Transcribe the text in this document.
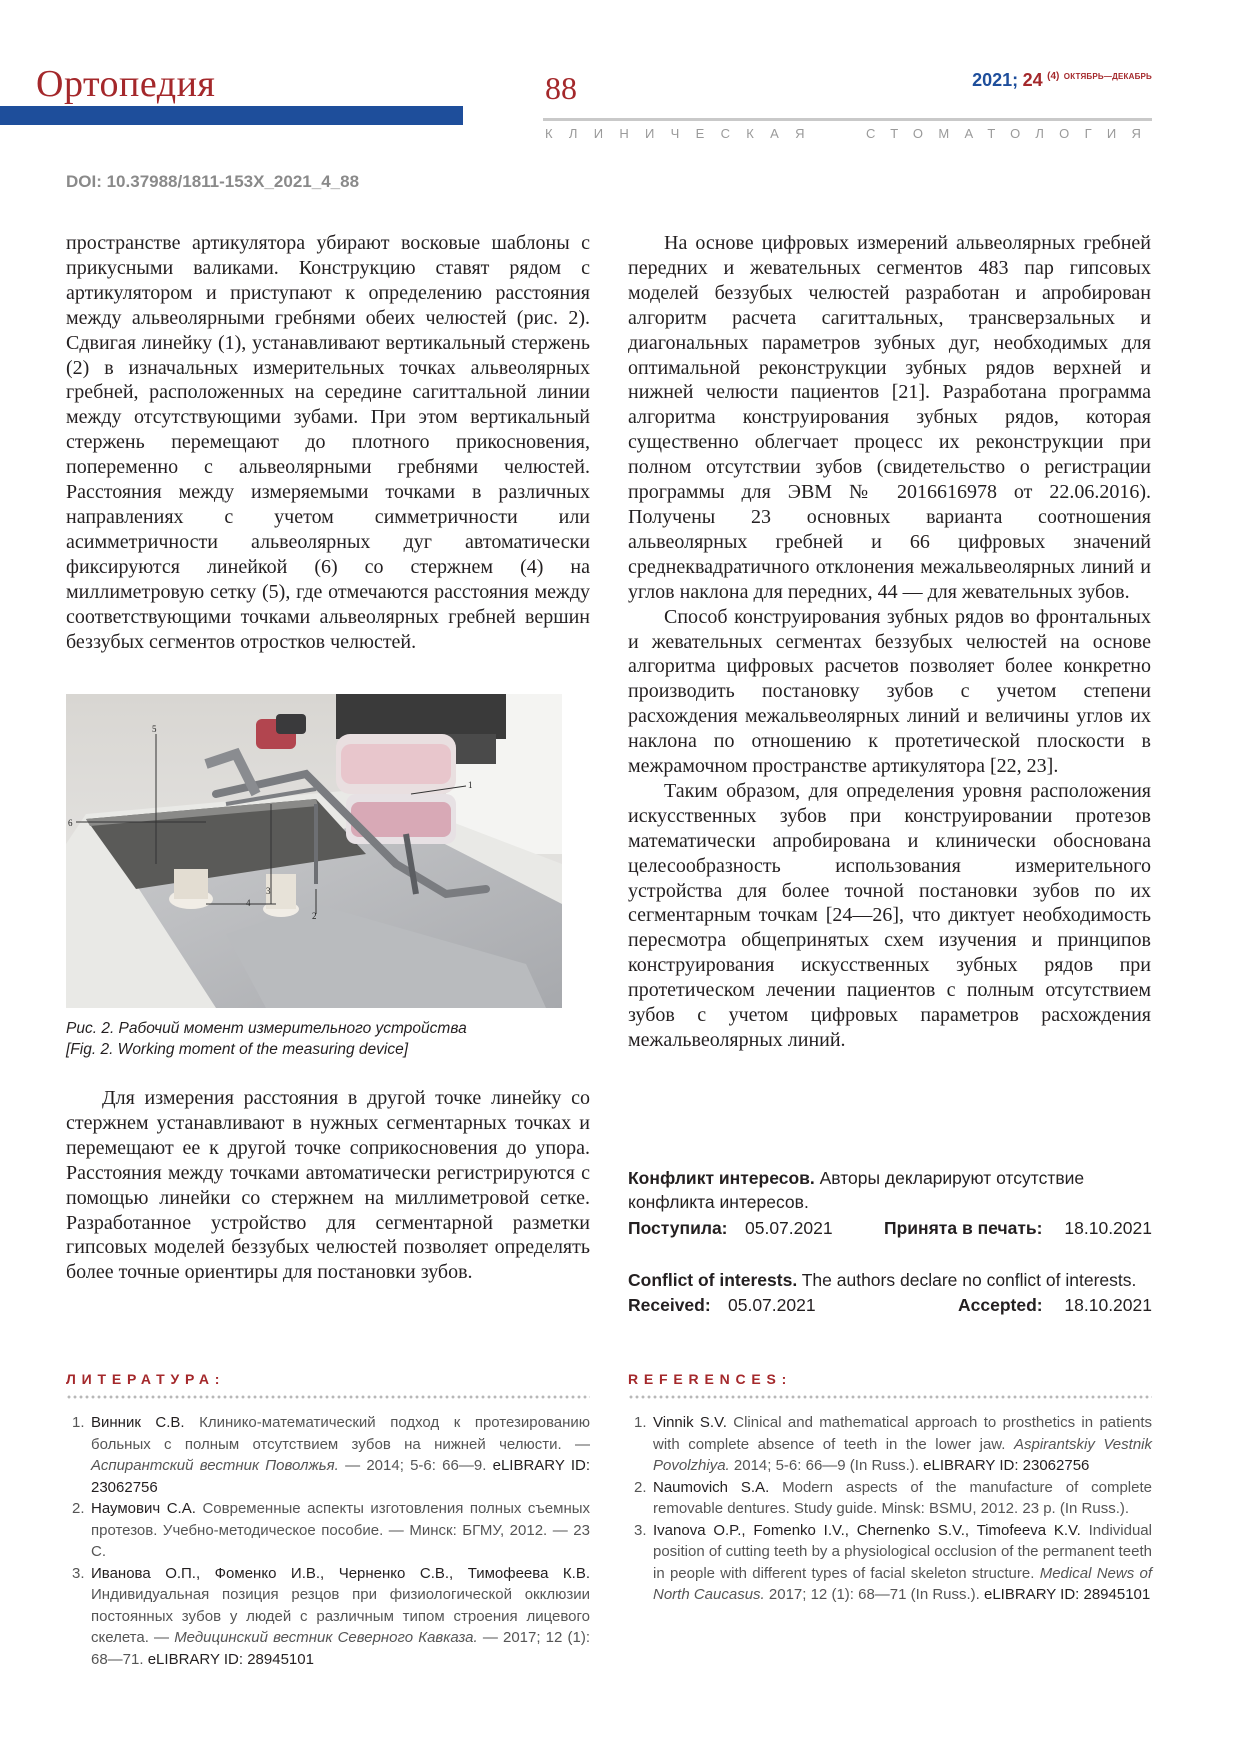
Ортопедия	88	2021; 24 $^{(4)}$ $^{ОКТЯБРЬ—ДЕКАБРЬ}$
КЛИНИЧЕСКАЯ	СТОМАТОЛОГИЯ
DOI: 10.37988/1811-153X_2021_4_88

пространстве артикулятора убирают восковые шаблоны с прикусными валиками. Конструкцию ставят рядом с артикулятором и приступают к определению расстояния между альвеолярными гребнями обеих челюстей (рис. 2). Сдвигая линейку (1), устанавливают вертикальный стержень (2) в изначальных измерительных точках альвеолярных гребней, расположенных на середине сагиттальной линии между отсутствующими зубами. При этом вертикальный стержень перемещают до плотного прикосновения, попеременно с альвеолярными гребнями челюстей. Расстояния между измеряемыми точками в различных направлениях с учетом симметричности или асимметричности альвеолярных дуг автоматически фиксируются линейкой (6) со стержнем (4) на миллиметровую сетку (5), где отмечаются расстояния между соответствующими точками альвеолярных гребней вершин беззубых сегментов отростков челюстей.

5
6
3
4
2
1
Рис. 2. Рабочий момент измерительного устройства
[Fig. 2. Working moment of the measuring device]

Для измерения расстояния в другой точке линейку со стержнем устанавливают в нужных сегментарных точках и перемещают ее к другой точке соприкосновения до упора. Расстояния между точками автоматически регистрируются с помощью линейки со стержнем на миллиметровой сетке. Разработанное устройство для сегментарной разметки гипсовых моделей беззубых челюстей позволяет определять более точные ориентиры для постановки зубов.

На основе цифровых измерений альвеолярных гребней передних и жевательных сегментов 483 пар гипсовых моделей беззубых челюстей разработан и апробирован алгоритм расчета сагиттальных, трансверзальных и диагональных параметров зубных дуг, необходимых для оптимальной реконструкции зубных рядов верхней и нижней челюсти пациентов [21]. Разработана программа алгоритма конструирования зубных рядов, которая существенно облегчает процесс их реконструкции при полном отсутствии зубов (свидетельство о регистрации программы для ЭВМ № 2016616978 от 22.06.2016). Получены 23 основных варианта соотношения альвеолярных гребней и 66 цифровых значений среднеквадратичного отклонения межальвеолярных линий и углов наклона для передних, 44 — для жевательных зубов.

Способ конструирования зубных рядов во фронтальных и жевательных сегментах беззубых челюстей на основе алгоритма цифровых расчетов позволяет более конкретно производить постановку зубов с учетом степени расхождения межальвеолярных линий и величины углов их наклона по отношению к протетической плоскости в межрамочном пространстве артикулятора [22, 23].

Таким образом, для определения уровня расположения искусственных зубов при конструировании протезов математически апробирована и клинически обоснована целесообразность использования измерительного устройства для более точной постановки зубов по их сегментарным точкам [24—26], что диктует необходимость пересмотра общепринятых схем изучения и принципов конструирования искусственных зубных рядов при протетическом лечении пациентов с полным отсутствием зубов с учетом цифровых параметров расхождения межальвеолярных линий.

Конфликт интересов. Авторы декларируют отсутствие конфликта интересов.
Поступила: 05.07.2021	Принята в печать: 18.10.2021
Conflict of interests. The authors declare no conflict of interests.
Received: 05.07.2021	Accepted: 18.10.2021
ЛИТЕРАТУРА:	REFERENCES:
1. Винник С.В. Клинико-математический подход к протезированию больных с полным отсутствием зубов на нижней челюсти. — Аспирантский вестник Поволжья. — 2014; 5-6: 66—9. eLIBRARY ID: 23062756
2. Наумович С.А. Современные аспекты изготовления полных съемных протезов. Учебно-методическое пособие. — Минск: БГМУ, 2012. — 23 С.
3. Иванова О.П., Фоменко И.В., Черненко С.В., Тимофеева К.В. Индивидуальная позиция резцов при физиологической окклюзии постоянных зубов у людей с различным типом строения лицевого скелета. — Медицинский вестник Северного Кавказа. — 2017; 12 (1): 68—71. eLIBRARY ID: 28945101
1. Vinnik S.V. Clinical and mathematical approach to prosthetics in patients with complete absence of teeth in the lower jaw. Aspirantskiy Vestnik Povolzhiya. 2014; 5-6: 66—9 (In Russ.). eLIBRARY ID: 23062756
2. Naumovich S.A. Modern aspects of the manufacture of complete removable dentures. Study guide. Minsk: BSMU, 2012. 23 p. (In Russ.).
3. Ivanova O.P., Fomenko I.V., Chernenko S.V., Timofeeva K.V. Individual position of cutting teeth by a physiological occlusion of the permanent teeth in people with different types of facial skeleton structure. Medical News of North Caucasus. 2017; 12 (1): 68—71 (In Russ.). eLIBRARY ID: 28945101
